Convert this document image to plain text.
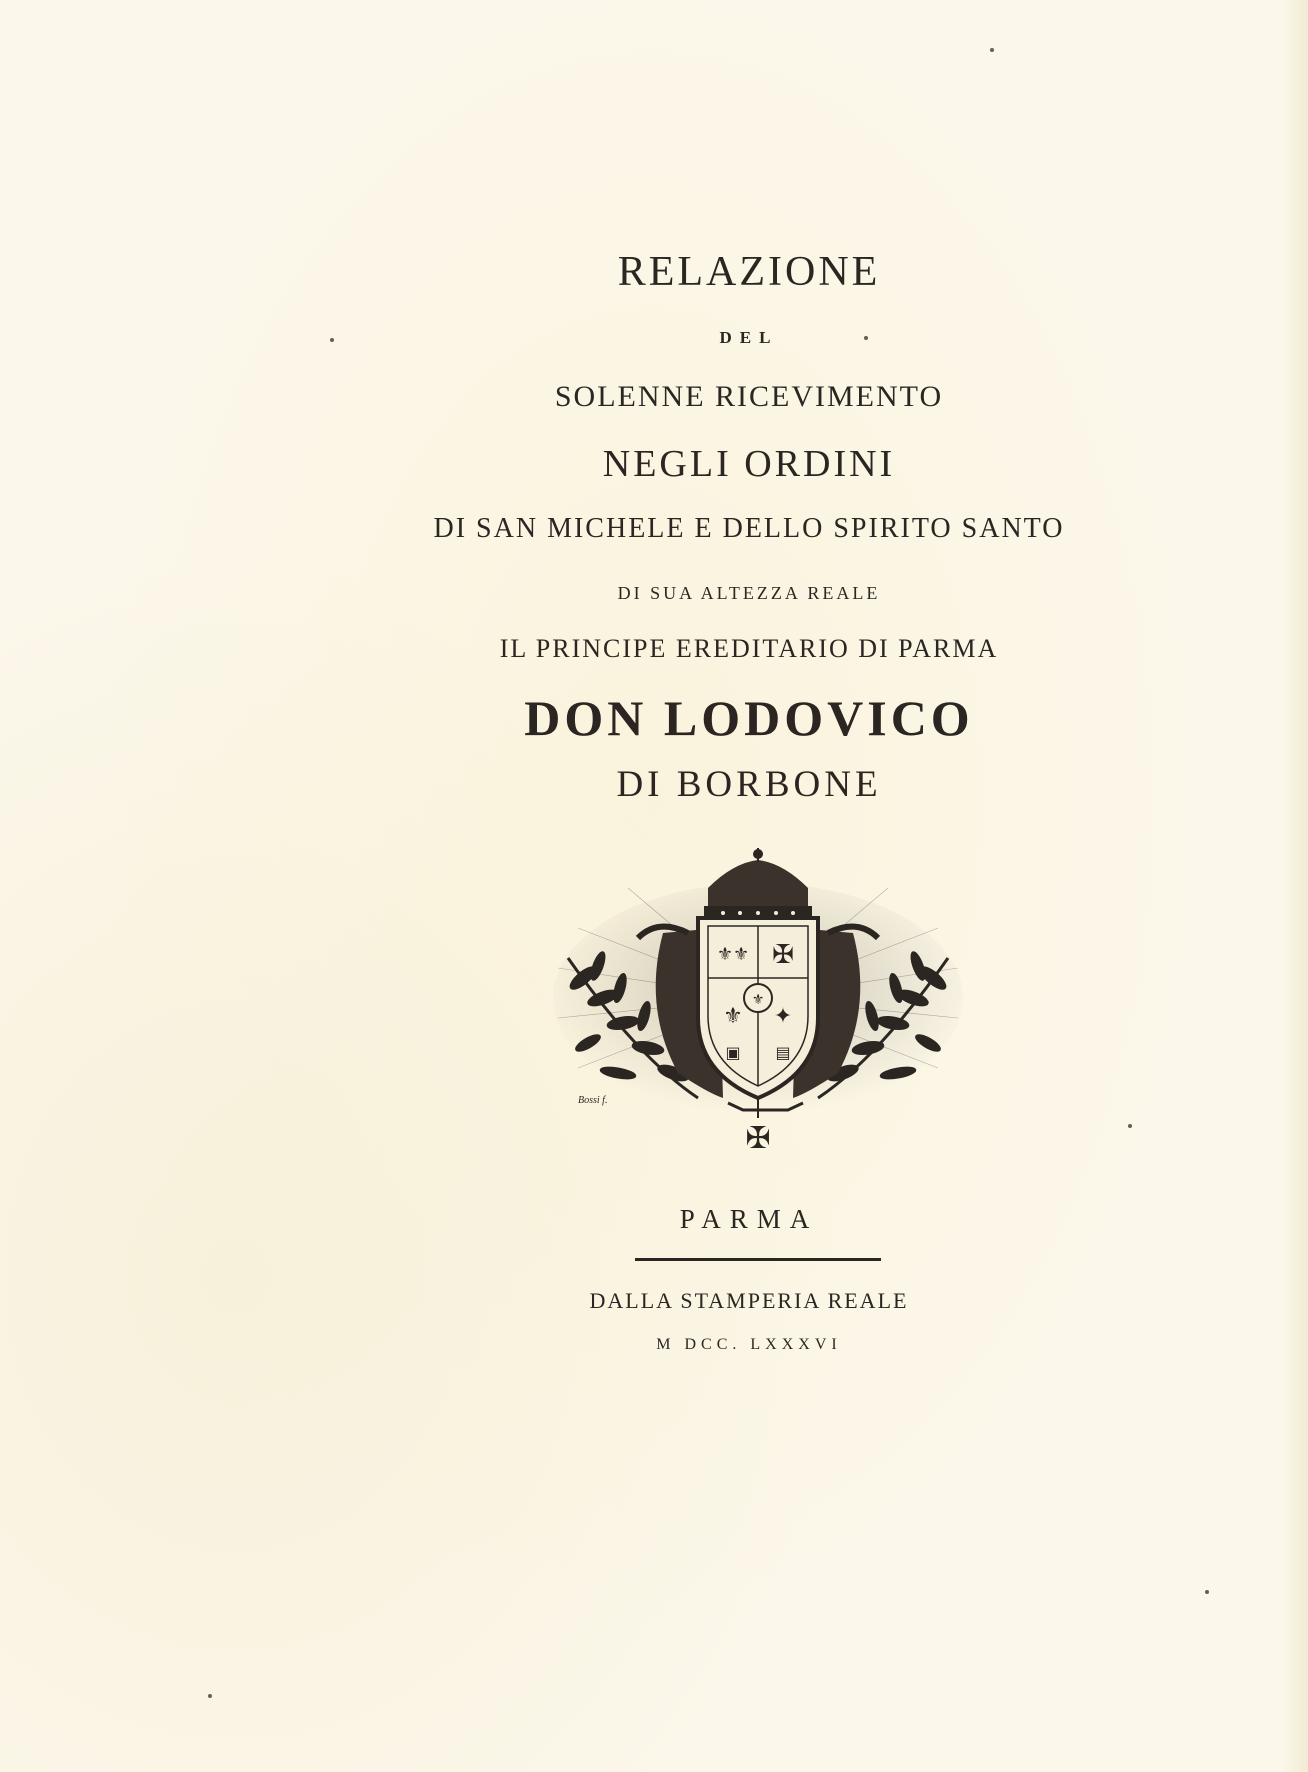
RELAZIONE
DEL
SOLENNE RICEVIMENTO
NEGLI ORDINI
DI SAN MICHELE E DELLO SPIRITO SANTO
DI SUA ALTEZZA REALE
IL PRINCIPE EREDITARIO DI PARMA
DON LODOVICO
DI BORBONE
⚜⚜ ✠
⚜ ✦
▣ ▤
⚜
✠
Bossi f.
PARMA
DALLA STAMPERIA REALE
M DCC. LXXXVI
